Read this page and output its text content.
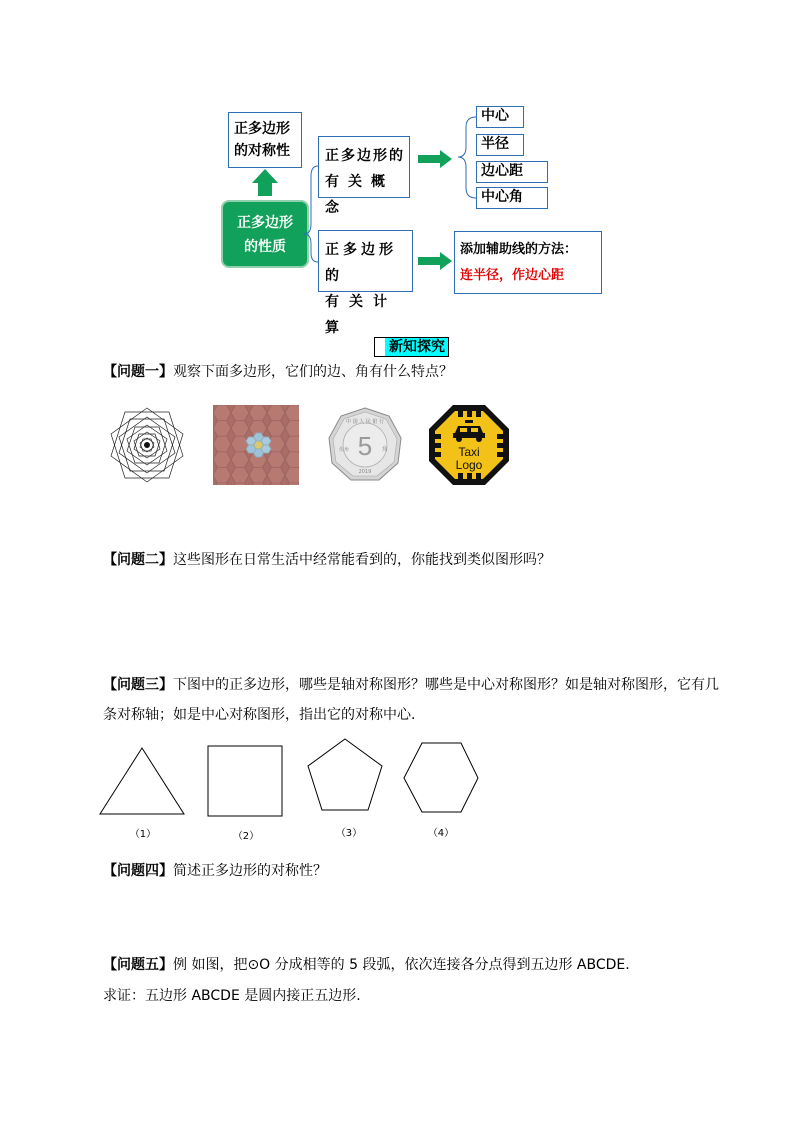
正多边形
的对称性
正多边形
的性质
正多边形的
有关概念
正多边形的
有关计算
中心
半径
边心距
中心角
添加辅助线的方法：
连半径，作边心距
新知探究
【问题一】观察下面多边形，它们的边、角有什么特点？
中 国 人 民 银 行
5 角
伍角
2019
Taxi
Logo
【问题二】这些图形在日常生活中经常能看到的，你能找到类似图形吗？
【问题三】下图中的正多边形，哪些是轴对称图形？哪些是中心对称图形？如是轴对称图形，它有几
条对称轴；如是中心对称图形，指出它的对称中心.
（1）	（2）	（3）	（4）
【问题四】简述正多边形的对称性？
【问题五】例 如图，把⊙O 分成相等的 5 段弧，依次连接各分点得到五边形 ABCDE.
求证：五边形 ABCDE 是圆内接正五边形.
